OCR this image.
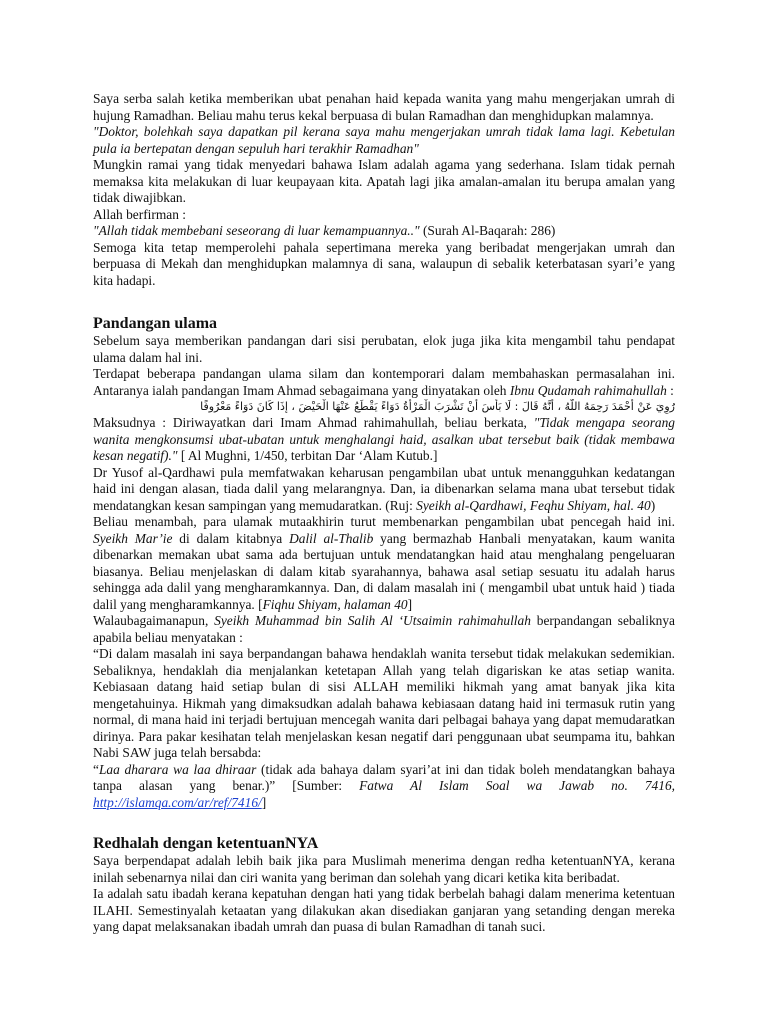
Saya serba salah ketika memberikan ubat penahan haid kepada wanita yang mahu mengerjakan umrah di hujung Ramadhan. Beliau mahu terus kekal berpuasa di bulan Ramadhan dan menghidupkan malamnya.

"Doktor, bolehkah saya dapatkan pil kerana saya mahu mengerjakan umrah tidak lama lagi. Kebetulan pula ia bertepatan dengan sepuluh hari terakhir Ramadhan"

Mungkin ramai yang tidak menyedari bahawa Islam adalah agama yang sederhana. Islam tidak pernah memaksa kita melakukan di luar keupayaan kita. Apatah lagi jika amalan-amalan itu berupa amalan yang tidak diwajibkan.

Allah berfirman :

"Allah tidak membebani seseorang di luar kemampuannya.." (Surah Al-Baqarah: 286)

Semoga kita tetap memperolehi pahala sepertimana mereka yang beribadat mengerjakan umrah dan berpuasa di Mekah dan menghidupkan malamnya di sana, walaupun di sebalik keterbatasan syari’e yang kita hadapi.

Pandangan ulama

Sebelum saya memberikan pandangan dari sisi perubatan, elok juga jika kita mengambil tahu pendapat ulama dalam hal ini.

Terdapat beberapa pandangan ulama silam dan kontemporari dalam membahaskan permasalahan ini. Antaranya ialah pandangan Imam Ahmad sebagaimana yang dinyatakan oleh Ibnu Qudamah rahimahullah :

رُوِيَ عَنْ أَحْمَدَ رَحِمَهُ اللَّهُ ، أَنَّهُ قَالَ : لَا بَأْسَ أَنْ تَشْرَبَ الْمَرْأَةُ دَوَاءً يَقْطَعُ عَنْهَا الْحَيْضَ ، إذَا كَانَ دَوَاءً مَعْرُوفًا

Maksudnya : Diriwayatkan dari Imam Ahmad rahimahullah, beliau berkata, "Tidak mengapa seorang wanita mengkonsumsi ubat-ubatan untuk menghalangi haid, asalkan ubat tersebut baik (tidak membawa kesan negatif)." [ Al Mughni, 1/450, terbitan Dar ‘Alam Kutub.]

Dr Yusof al-Qardhawi pula memfatwakan keharusan pengambilan ubat untuk menangguhkan kedatangan haid ini dengan alasan, tiada dalil yang melarangnya. Dan, ia dibenarkan selama mana ubat tersebut tidak mendatangkan kesan sampingan yang memudaratkan. (Ruj: Syeikh al-Qardhawi, Feqhu Shiyam, hal. 40)

Beliau menambah, para ulamak mutaakhirin turut membenarkan pengambilan ubat pencegah haid ini. Syeikh Mar’ie di dalam kitabnya Dalil al-Thalib yang bermazhab Hanbali menyatakan, kaum wanita dibenarkan memakan ubat sama ada bertujuan untuk mendatangkan haid atau menghalang pengeluaran biasanya. Beliau menjelaskan di dalam kitab syarahannya, bahawa asal setiap sesuatu itu adalah harus sehingga ada dalil yang mengharamkannya. Dan, di dalam masalah ini ( mengambil ubat untuk haid ) tiada dalil yang mengharamkannya. [Fiqhu Shiyam, halaman 40]

Walaubagaimanapun, Syeikh Muhammad bin Salih Al ‘Utsaimin rahimahullah berpandangan sebaliknya apabila beliau menyatakan :

“Di dalam masalah ini saya berpandangan bahawa hendaklah wanita tersebut tidak melakukan sedemikian. Sebaliknya, hendaklah dia menjalankan ketetapan Allah yang telah digariskan ke atas setiap wanita. Kebiasaan datang haid setiap bulan di sisi ALLAH memiliki hikmah yang amat banyak jika kita mengetahuinya. Hikmah yang dimaksudkan adalah bahawa kebiasaan datang haid ini termasuk rutin yang normal, di mana haid ini terjadi bertujuan mencegah wanita dari pelbagai bahaya yang dapat memudaratkan dirinya. Para pakar kesihatan telah menjelaskan kesan negatif dari penggunaan ubat seumpama itu, bahkan Nabi SAW juga telah bersabda:

“Laa dharara wa laa dhiraar (tidak ada bahaya dalam syari’at ini dan tidak boleh mendatangkan bahaya tanpa alasan yang benar.)” [Sumber: Fatwa Al Islam Soal wa Jawab no. 7416, http://islamqa.com/ar/ref/7416/]

Redhalah dengan ketentuanNYA

Saya berpendapat adalah lebih baik jika para Muslimah menerima dengan redha ketentuanNYA, kerana inilah sebenarnya nilai dan ciri wanita yang beriman dan solehah yang dicari ketika kita beribadat.

Ia adalah satu ibadah kerana kepatuhan dengan hati yang tidak berbelah bahagi dalam menerima ketentuan ILAHI. Semestinyalah ketaatan yang dilakukan akan disediakan ganjaran yang setanding dengan mereka yang dapat melaksanakan ibadah umrah dan puasa di bulan Ramadhan di tanah suci.
